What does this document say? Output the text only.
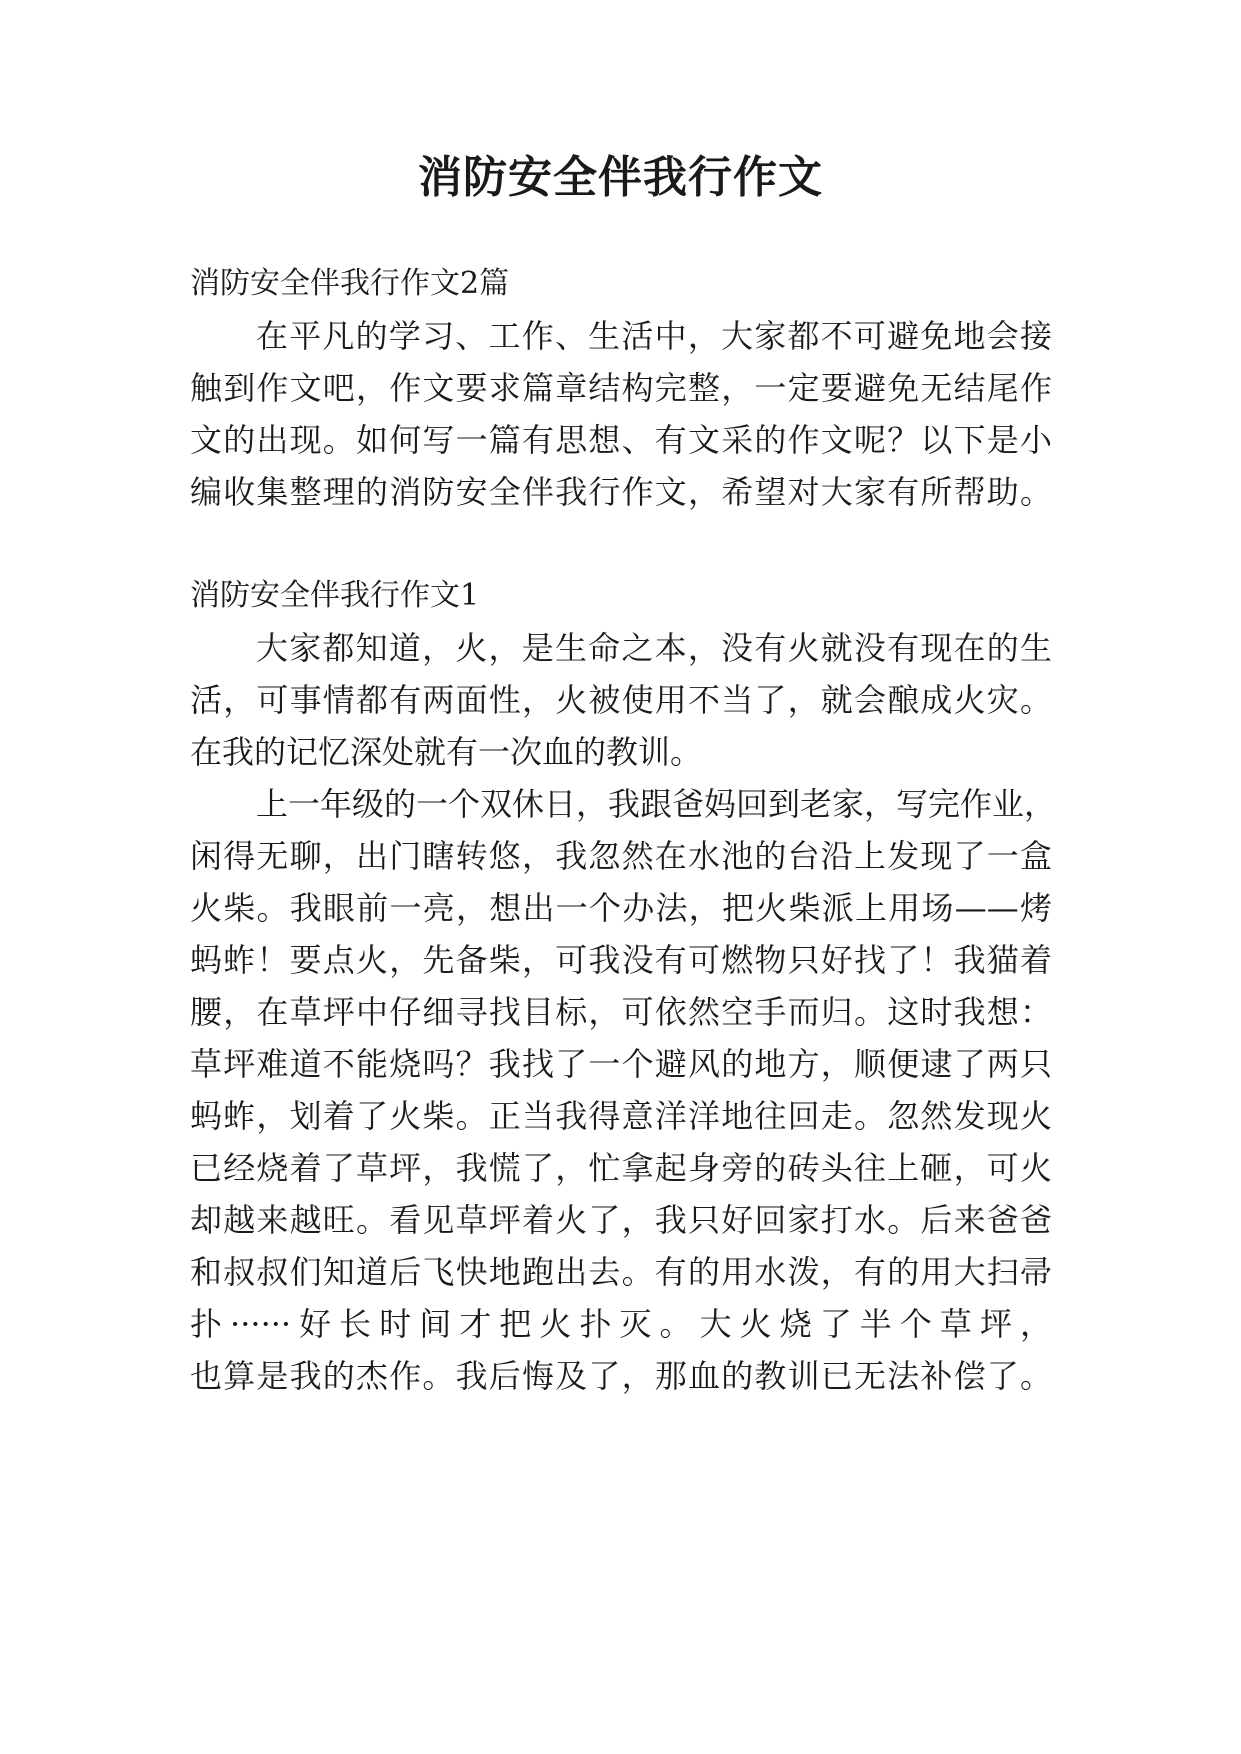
消防安全伴我行作文

消防安全伴我行作文2篇

在平凡的学习、工作、生活中，大家都不可避免地会接

触到作文吧，作文要求篇章结构完整，一定要避免无结尾作

文的出现。如何写一篇有思想、有文采的作文呢？以下是小

编收集整理的消防安全伴我行作文，希望对大家有所帮助。

消防安全伴我行作文1

大家都知道，火，是生命之本，没有火就没有现在的生

活，可事情都有两面性，火被使用不当了，就会酿成火灾。

在我的记忆深处就有一次血的教训。

上一年级的一个双休日，我跟爸妈回到老家，写完作业，

闲得无聊，出门瞎转悠，我忽然在水池的台沿上发现了一盒

火柴。我眼前一亮，想出一个办法，把火柴派上用场——烤

蚂蚱！要点火，先备柴，可我没有可燃物只好找了！我猫着

腰，在草坪中仔细寻找目标，可依然空手而归。这时我想：

草坪难道不能烧吗？我找了一个避风的地方，顺便逮了两只

蚂蚱，划着了火柴。正当我得意洋洋地往回走。忽然发现火

已经烧着了草坪，我慌了，忙拿起身旁的砖头往上砸，可火

却越来越旺。看见草坪着火了，我只好回家打水。后来爸爸

和叔叔们知道后飞快地跑出去。有的用水泼，有的用大扫帚

扑······好长时间才把火扑灭。大火烧了半个草坪，

也算是我的杰作。我后悔及了，那血的教训已无法补偿了。
